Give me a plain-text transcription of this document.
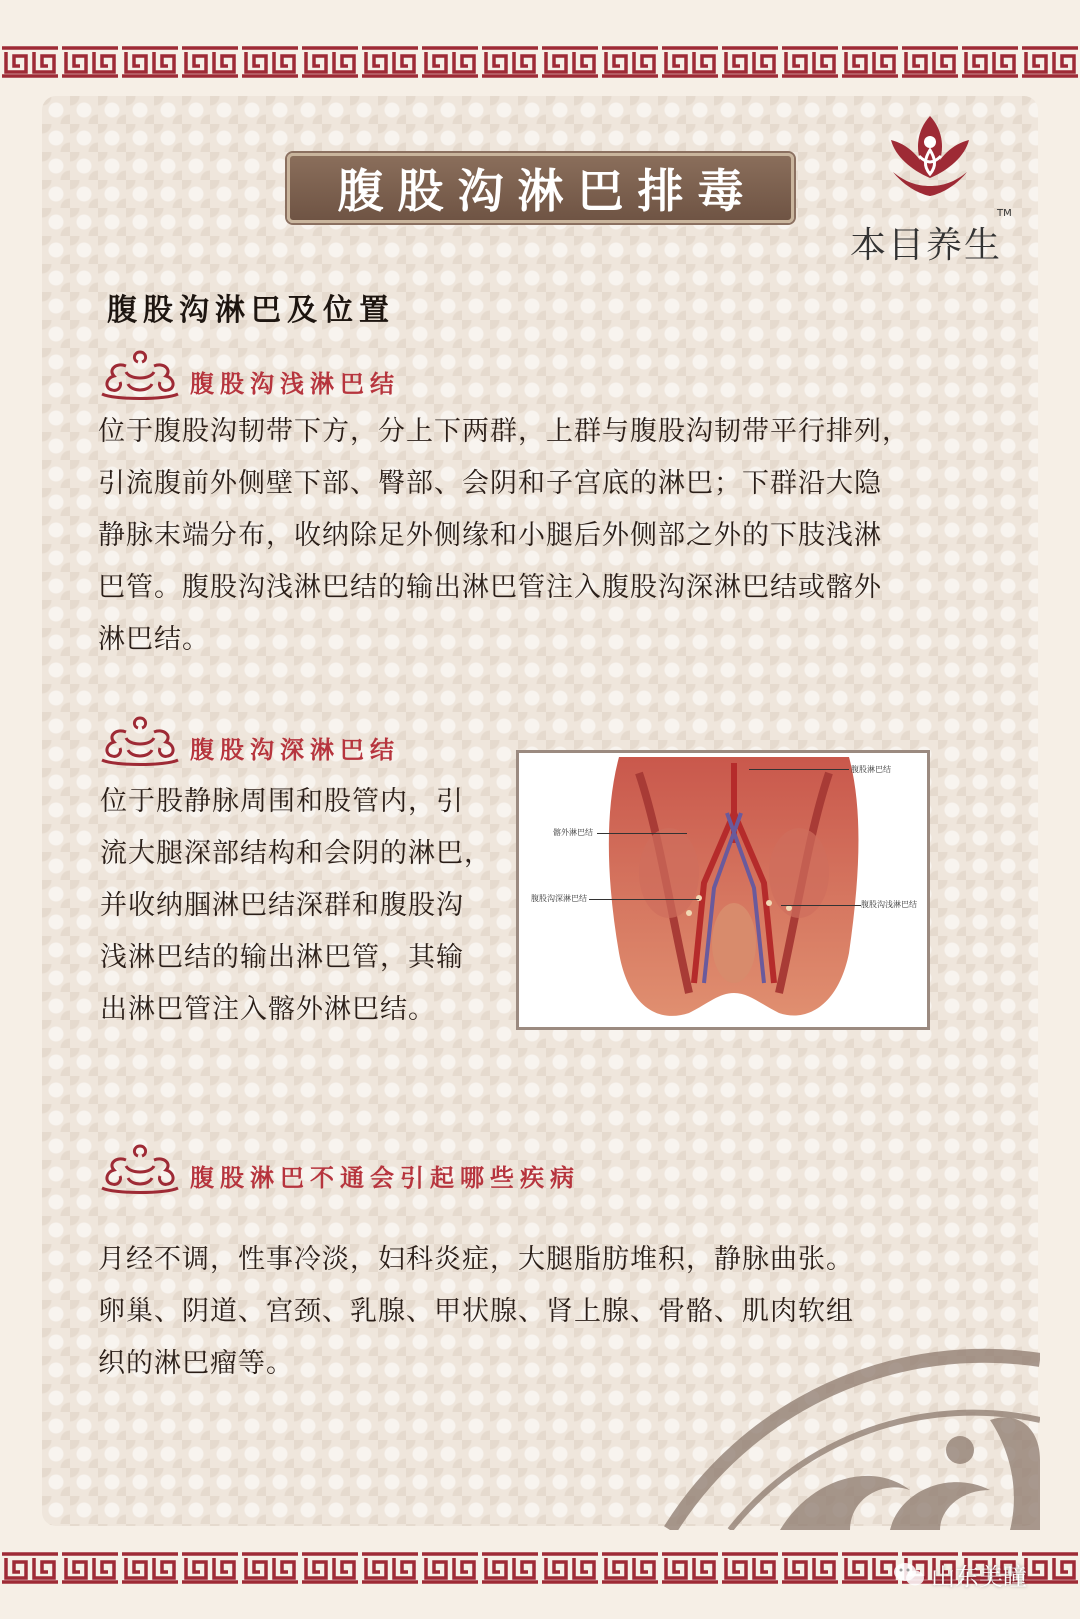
腹股沟淋巴排毒
本目养生
TM
腹股沟淋巴及位置
腹股沟浅淋巴结
位于腹股沟韧带下方，分上下两群，上群与腹股沟韧带平行排列，
引流腹前外侧壁下部、臀部、会阴和子宫底的淋巴；下群沿大隐
静脉末端分布，收纳除足外侧缘和小腿后外侧部之外的下肢浅淋
巴管。腹股沟浅淋巴结的输出淋巴管注入腹股沟深淋巴结或髂外
淋巴结。
腹股沟深淋巴结
位于股静脉周围和股管内，引
流大腿深部结构和会阴的淋巴，
并收纳腘淋巴结深群和腹股沟
浅淋巴结的输出淋巴管，其输
出淋巴管注入髂外淋巴结。
腹股淋巴结
髂外淋巴结
腹股沟深淋巴结
腹股沟浅淋巴结
腹股淋巴不通会引起哪些疾病
月经不调，性事冷淡，妇科炎症，大腿脂肪堆积，静脉曲张。
卵巢、阴道、宫颈、乳腺、甲状腺、肾上腺、骨骼、肌肉软组
织的淋巴瘤等。
山东美瞳
